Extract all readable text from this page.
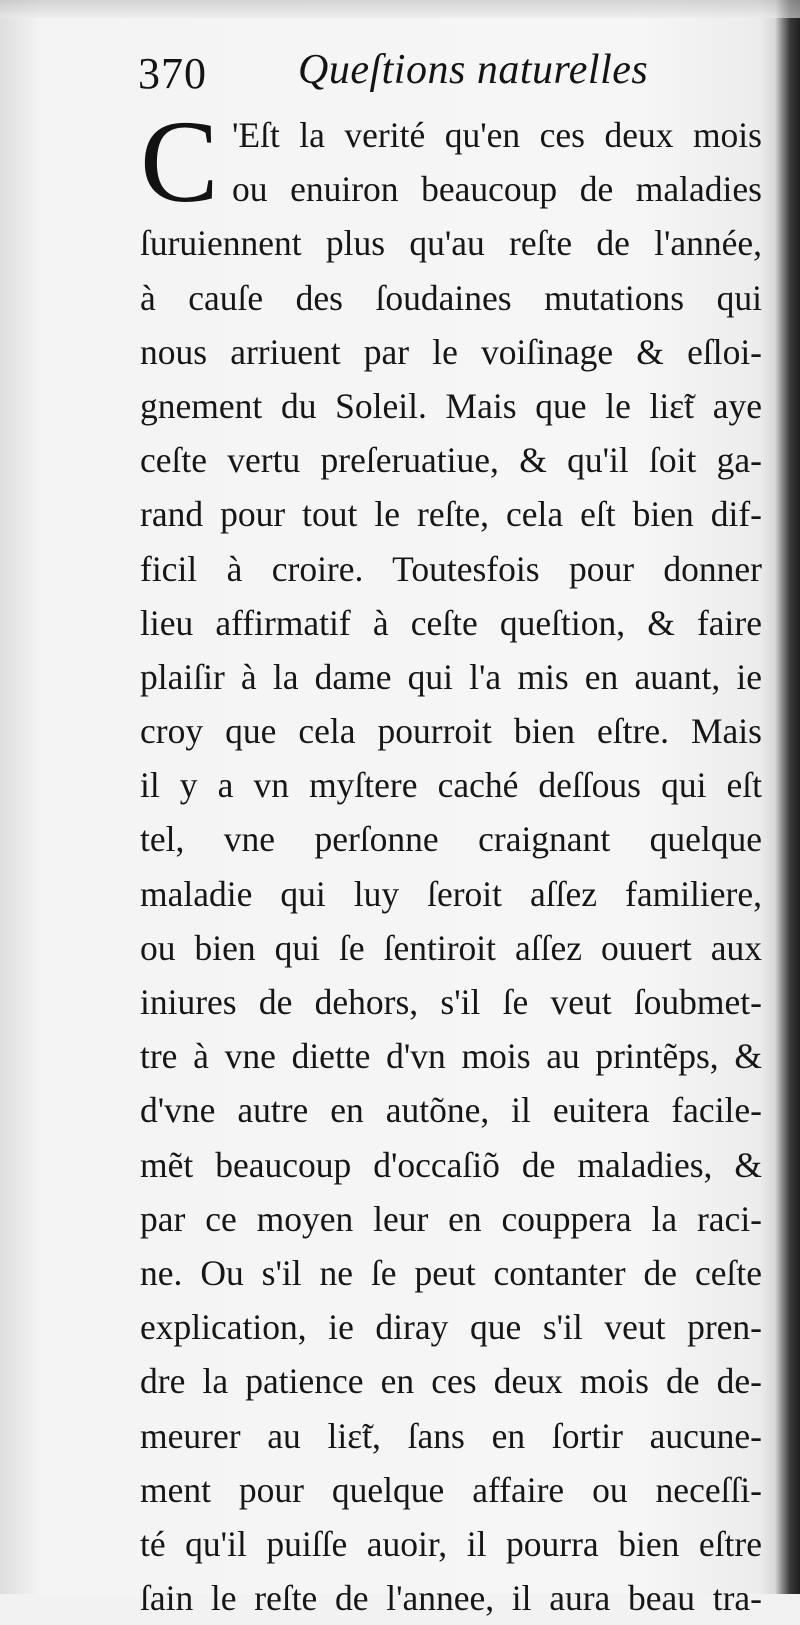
370 Queſtions naturelles
C 'Eſt la verité qu'en ces deux mois
ou enuiron beaucoup de maladies
ſuruiennent plus qu'au reſte de l'année,
à cauſe des ſoudaines mutations qui
nous arriuent par le voiſinage & eſloi-
gnement du Soleil. Mais que le liɛ̃t aye
ceſte vertu preſeruatiue, & qu'il ſoit ga-
rand pour tout le reſte, cela eſt bien dif-
ficil à croire. Toutesfois pour donner
lieu affirmatif à ceſte queſtion, & faire
plaiſir à la dame qui l'a mis en auant, ie
croy que cela pourroit bien eſtre. Mais
il y a vn myſtere caché deſſous qui eſt
tel, vne perſonne craignant quelque
maladie qui luy ſeroit aſſez familiere,
ou bien qui ſe ſentiroit aſſez ouuert aux
iniures de dehors, s'il ſe veut ſoubmet-
tre à vne diette d'vn mois au printẽps, &
d'vne autre en autõne, il euitera facile-
mẽt beaucoup d'occaſiõ de maladies, &
par ce moyen leur en couppera la raci-
ne. Ou s'il ne ſe peut contanter de ceſte
explication, ie diray que s'il veut pren-
dre la patience en ces deux mois de de-
meurer au liɛ̃t, ſans en ſortir aucune-
ment pour quelque affaire ou neceſſi-
té qu'il puiſſe auoir, il pourra bien eſtre
ſain le reſte de l'annee, il aura beau tra-
